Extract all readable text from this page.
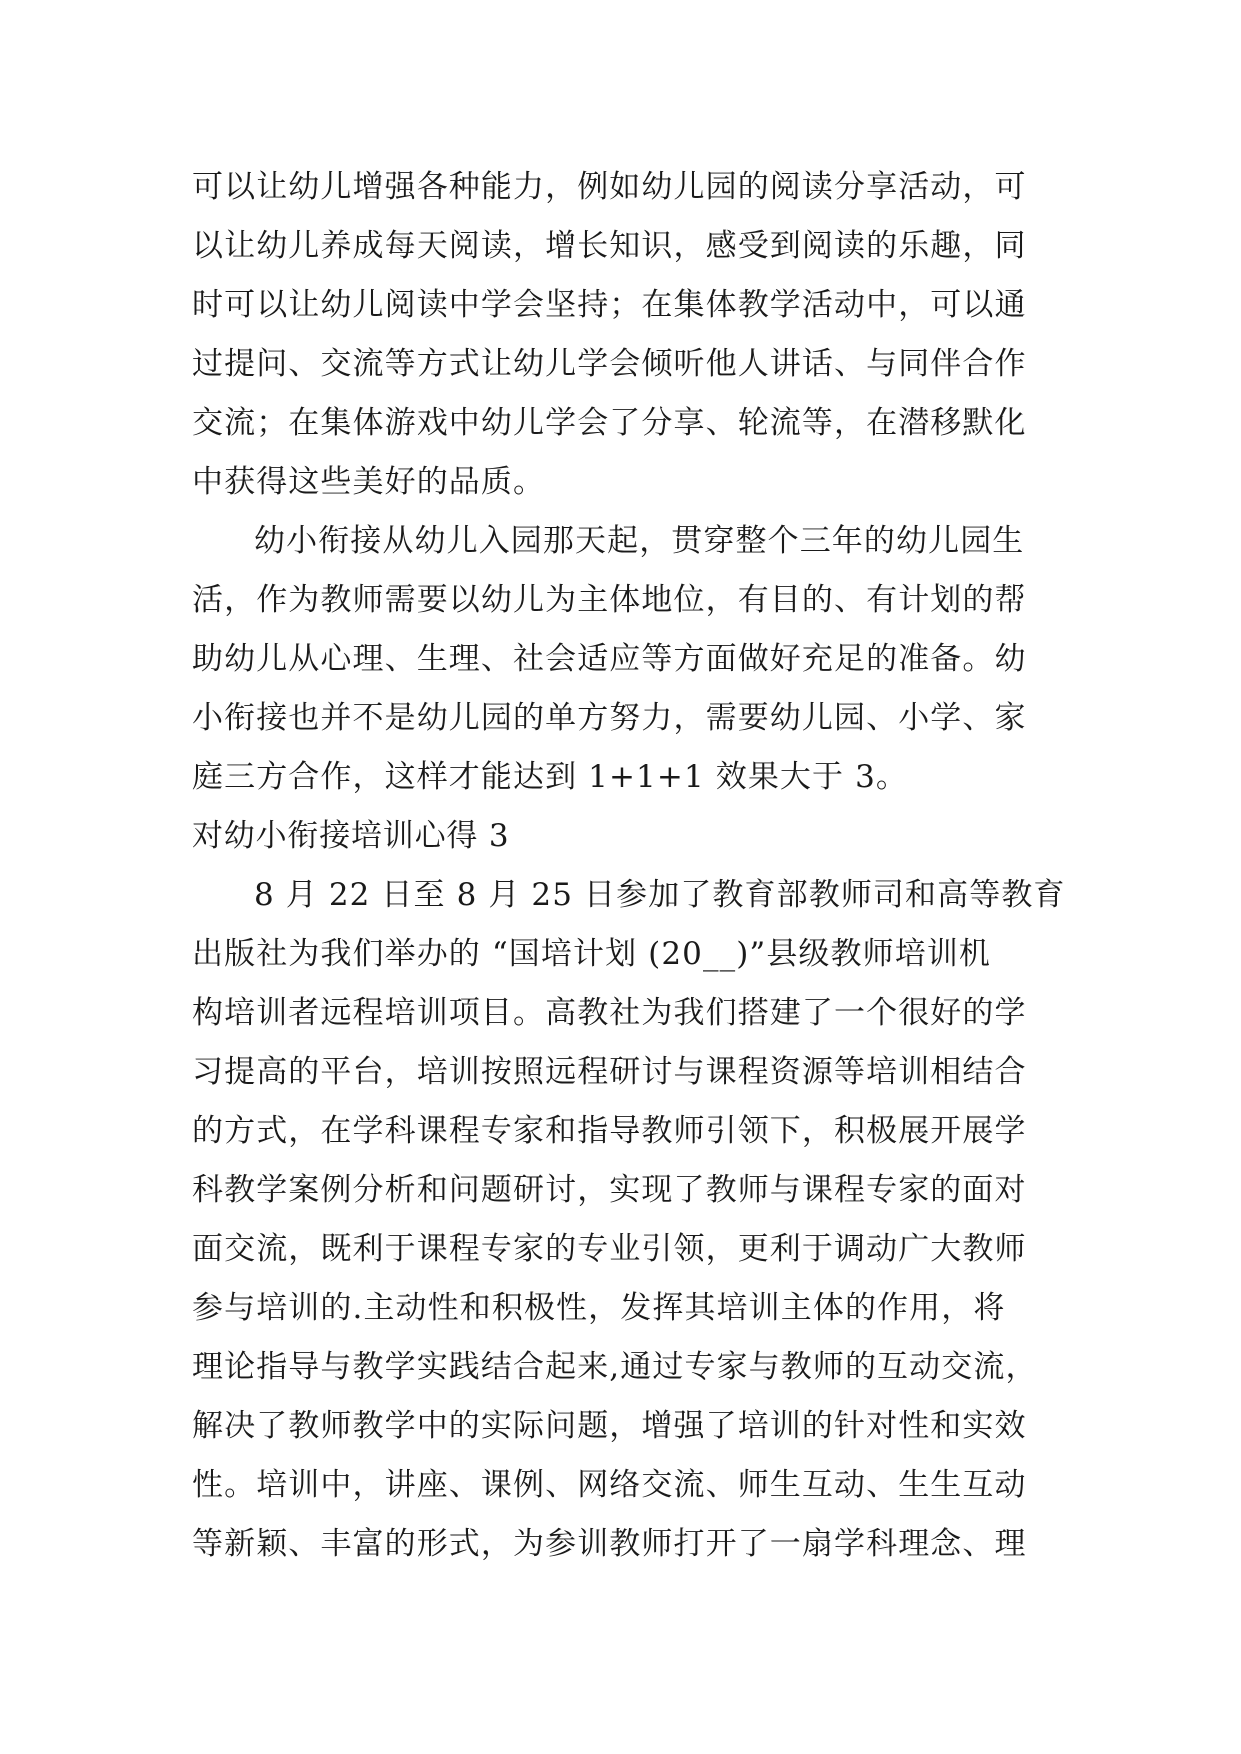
可以让幼儿增强各种能力，例如幼儿园的阅读分享活动，可
以让幼儿养成每天阅读，增长知识，感受到阅读的乐趣，同
时可以让幼儿阅读中学会坚持；在集体教学活动中，可以通
过提问、交流等方式让幼儿学会倾听他人讲话、与同伴合作
交流；在集体游戏中幼儿学会了分享、轮流等，在潜移默化
中获得这些美好的品质。
幼小衔接从幼儿入园那天起，贯穿整个三年的幼儿园生
活，作为教师需要以幼儿为主体地位，有目的、有计划的帮
助幼儿从心理、生理、社会适应等方面做好充足的准备。幼
小衔接也并不是幼儿园的单方努力，需要幼儿园、小学、家
庭三方合作，这样才能达到 1+1+1 效果大于 3。
对幼小衔接培训心得 3
8 月 22 日至 8 月 25 日参加了教育部教师司和高等教育
出版社为我们举办的 “国培计划 (20__)”县级教师培训机
构培训者远程培训项目。高教社为我们搭建了一个很好的学
习提高的平台，培训按照远程研讨与课程资源等培训相结合
的方式，在学科课程专家和指导教师引领下，积极展开展学
科教学案例分析和问题研讨，实现了教师与课程专家的面对
面交流，既利于课程专家的专业引领，更利于调动广大教师
参与培训的.主动性和积极性，发挥其培训主体的作用，将
理论指导与教学实践结合起来,通过专家与教师的互动交流，
解决了教师教学中的实际问题，增强了培训的针对性和实效
性。培训中，讲座、课例、网络交流、师生互动、生生互动
等新颖、丰富的形式，为参训教师打开了一扇学科理念、理
